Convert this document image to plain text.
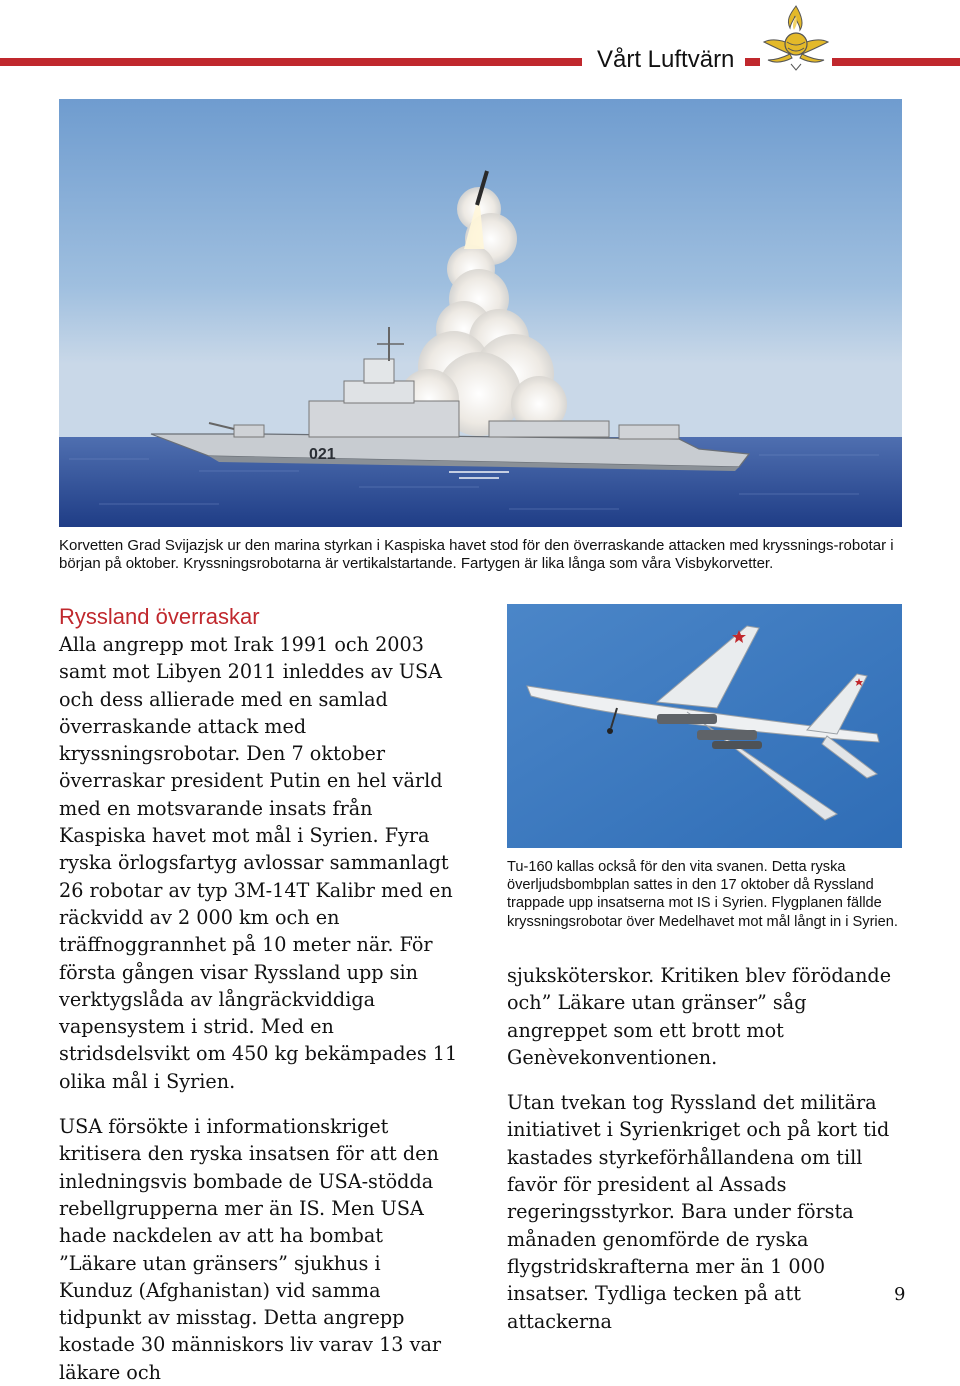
Vårt Luftvärn
021
Korvetten Grad Svijazjsk ur den marina styrkan i Kaspiska havet stod för den överraskande attacken med kryssnings-robotar i början på oktober. Kryssningsrobotarna är vertikalstartande. Fartygen är lika långa som våra Visbykorvetter.
Ryssland överraskar

Alla angrepp mot Irak 1991 och 2003 samt mot Libyen 2011 inleddes av USA och dess allierade med en samlad överraskande attack med kryssningsrobotar. Den 7 oktober överraskar president Putin en hel värld med en motsvarande insats från Kaspiska havet mot mål i Syrien. Fyra ryska örlogsfartyg avlossar sammanlagt 26 robotar av typ 3M-14T Kalibr med en räckvidd av 2 000 km och en träffnoggrannhet på 10 meter när. För första gången visar Ryssland upp sin verktygslåda av långräckviddiga vapensystem i strid. Med en stridsdelsvikt om 450 kg bekämpades 11 olika mål i Syrien.

USA försökte i informationskriget kritisera den ryska insatsen för att den inledningsvis bombade de USA-stödda rebellgrupperna mer än IS. Men USA hade nackdelen av att ha bombat ”Läkare utan gränsers” sjukhus i Kunduz (Afghanistan) vid samma tidpunkt av misstag. Detta angrepp kostade 30 människors liv varav 13 var läkare och

Tu-160 kallas också för den vita svanen. Detta ryska överljudsbombplan sattes in den 17 oktober då Ryssland trappade upp insatserna mot IS i Syrien. Flygplanen fällde kryssningsrobotar över Medelhavet mot mål långt in i Syrien.

sjuksköterskor. Kritiken blev förödande och” Läkare utan gränser” såg angreppet som ett brott mot Genèvekonventionen.

Utan tvekan tog Ryssland det militära initiativet i Syrienkriget och på kort tid kastades styrkeförhållandena om till favör för president al Assads regeringsstyrkor. Bara under första månaden genomförde de ryska flygstridskrafterna mer än 1 000 insatser. Tydliga tecken på att attackerna

9
